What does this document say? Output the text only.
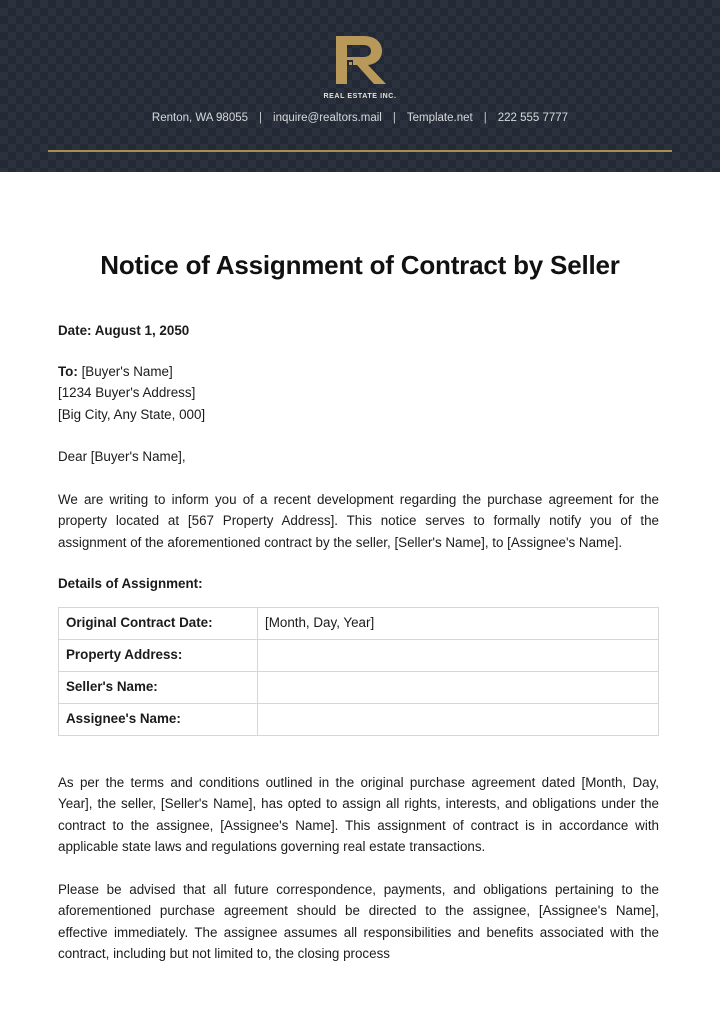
REAL ESTATE INC.
Renton, WA 98055 | inquire@realtors.mail | Template.net | 222 555 7777
Notice of Assignment of Contract by Seller

Date: August 1, 2050

To: [Buyer's Name]
[1234 Buyer's Address]
[Big City, Any State, 000]

Dear [Buyer's Name],

We are writing to inform you of a recent development regarding the purchase agreement for the property located at [567 Property Address]. This notice serves to formally notify you of the assignment of the aforementioned contract by the seller, [Seller's Name], to [Assignee's Name].

Details of Assignment:

Original Contract Date:	[Month, Day, Year]
Property Address:	
Seller's Name:	
Assignee's Name:	

As per the terms and conditions outlined in the original purchase agreement dated [Month, Day, Year], the seller, [Seller's Name], has opted to assign all rights, interests, and obligations under the contract to the assignee, [Assignee's Name]. This assignment of contract is in accordance with applicable state laws and regulations governing real estate transactions.

Please be advised that all future correspondence, payments, and obligations pertaining to the aforementioned purchase agreement should be directed to the assignee, [Assignee's Name], effective immediately. The assignee assumes all responsibilities and benefits associated with the contract, including but not limited to, the closing process
